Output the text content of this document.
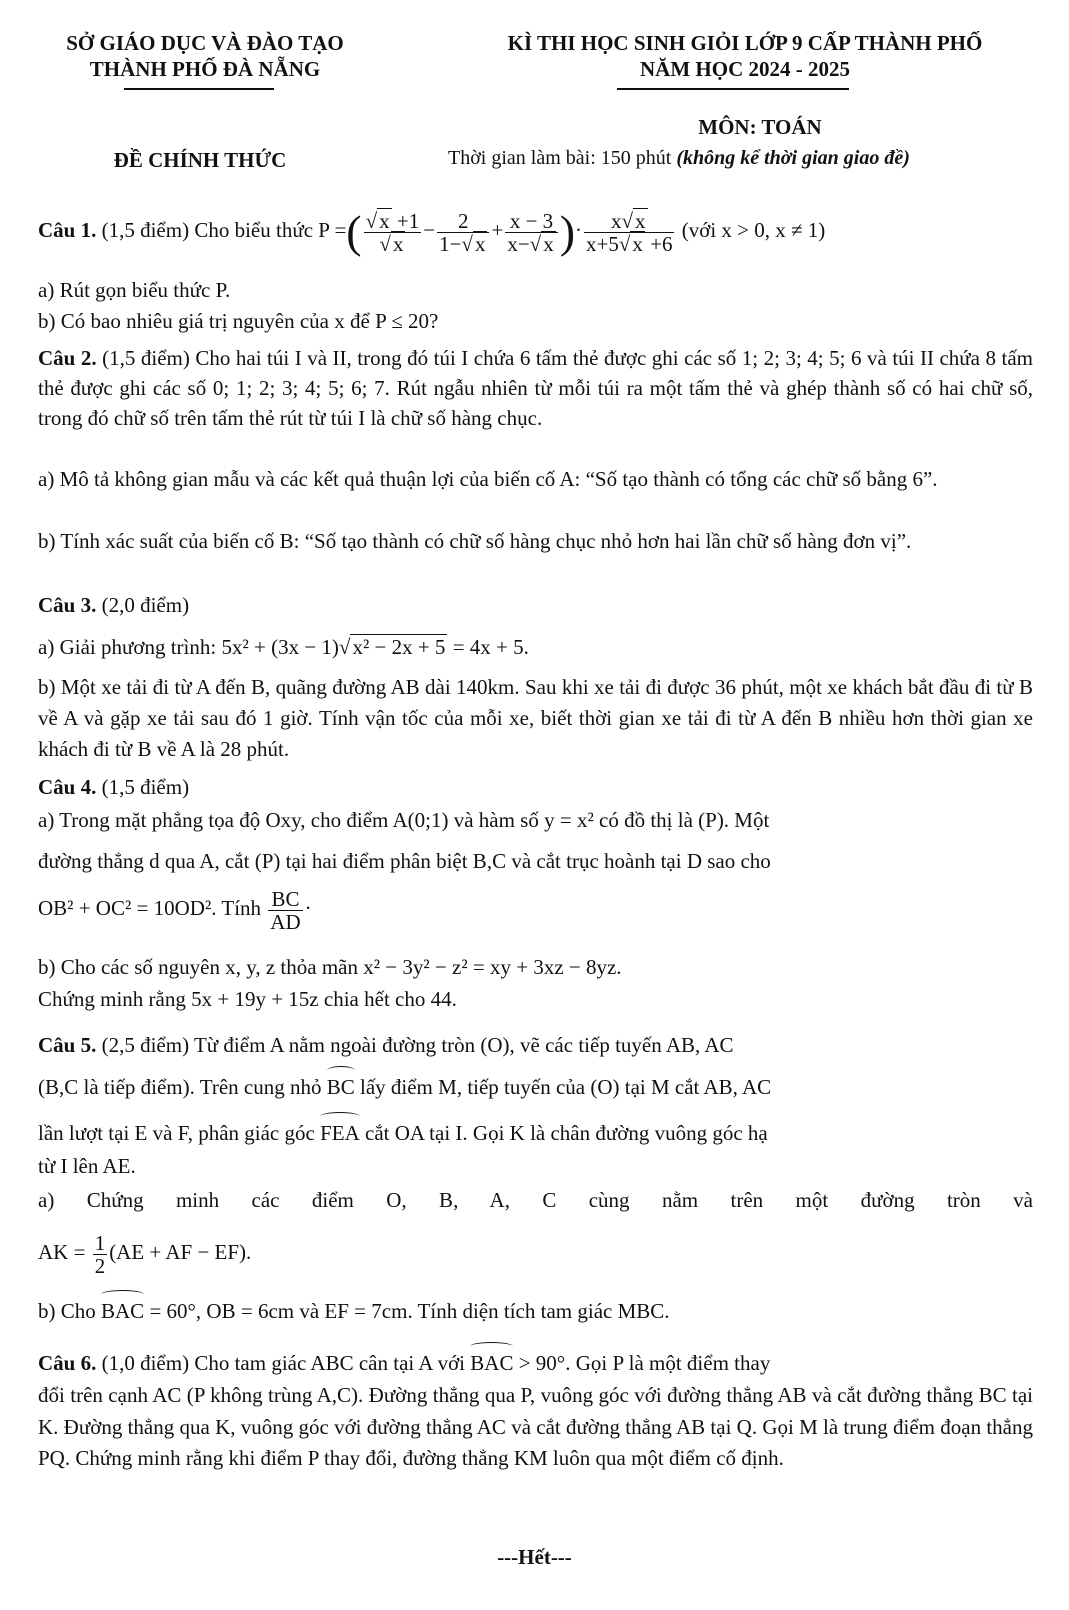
SỞ GIÁO DỤC VÀ ĐÀO TẠO
THÀNH PHỐ ĐÀ NẴNG
KÌ THI HỌC SINH GIỎI LỚP 9 CẤP THÀNH PHỐ
NĂM HỌC 2024 - 2025
MÔN: TOÁN
ĐỀ CHÍNH THỨC	Thời gian làm bài: 150 phút (không kể thời gian giao đề)
Câu 1. (1,5 điểm) Cho biểu thức P =( $\frac{√x +1}{√x} - \frac{2}{1-√x} + \frac{x - 3}{x-√x}$ )· $\frac{x√x}{x+5√x +6}$ (với x > 0, x ≠ 1)
a) Rút gọn biểu thức P.
b) Có bao nhiêu giá trị nguyên của x để P ≤ 20?
Câu 2. (1,5 điểm) Cho hai túi I và II, trong đó túi I chứa 6 tấm thẻ được ghi các số 1; 2; 3; 4; 5; 6 và túi II chứa 8 tấm thẻ được ghi các số 0; 1; 2; 3; 4; 5; 6; 7. Rút ngẫu nhiên từ mỗi túi ra một tấm thẻ và ghép thành số có hai chữ số, trong đó chữ số trên tấm thẻ rút từ túi I là chữ số hàng chục.
a) Mô tả không gian mẫu và các kết quả thuận lợi của biến cố A: “Số tạo thành có tổng các chữ số bằng 6”.
b) Tính xác suất của biến cố B: “Số tạo thành có chữ số hàng chục nhỏ hơn hai lần chữ số hàng đơn vị”.
Câu 3. (2,0 điểm)
a) Giải phương trình: 5x² + (3x − 1)√x² − 2x + 5 = 4x + 5.
b) Một xe tải đi từ A đến B, quãng đường AB dài 140km. Sau khi xe tải đi được 36 phút, một xe khách bắt đầu đi từ B về A và gặp xe tải sau đó 1 giờ. Tính vận tốc của mỗi xe, biết thời gian xe tải đi từ A đến B nhiều hơn thời gian xe khách đi từ B về A là 28 phút.
Câu 4. (1,5 điểm)
a) Trong mặt phẳng tọa độ Oxy, cho điểm A(0;1) và hàm số y = x² có đồ thị là (P). Một
đường thẳng d qua A, cắt (P) tại hai điểm phân biệt B,C và cắt trục hoành tại D sao cho
OB² + OC² = 10OD². Tính $\frac{BC}{AD}$ ·
b) Cho các số nguyên x, y, z thỏa mãn x² − 3y² − z² = xy + 3xz − 8yz.
Chứng minh rằng 5x + 19y + 15z chia hết cho 44.
Câu 5. (2,5 điểm) Từ điểm A nằm ngoài đường tròn (O), vẽ các tiếp tuyến AB, AC
(B,C là tiếp điểm). Trên cung nhỏ BC lấy điểm M, tiếp tuyến của (O) tại M cắt AB, AC
lần lượt tại E và F, phân giác góc FEA cắt OA tại I. Gọi K là chân đường vuông góc hạ
từ I lên AE.
a) Chứng minh các điểm O, B, A, C cùng nằm trên một đường tròn và
AK = $\frac{1}{2} (AE$ + AF − EF).
b) Cho BAC = 60°, OB = 6cm và EF = 7cm. Tính diện tích tam giác MBC.
Câu 6. (1,0 điểm) Cho tam giác ABC cân tại A với BAC > 90°. Gọi P là một điểm thay
đổi trên cạnh AC (P không trùng A,C). Đường thẳng qua P, vuông góc với đường thẳng AB và cắt đường thẳng BC tại K. Đường thẳng qua K, vuông góc với đường thẳng AC và cắt đường thẳng AB tại Q. Gọi M là trung điểm đoạn thẳng PQ. Chứng minh rằng khi điểm P thay đổi, đường thẳng KM luôn qua một điểm cố định.
---Hết---
